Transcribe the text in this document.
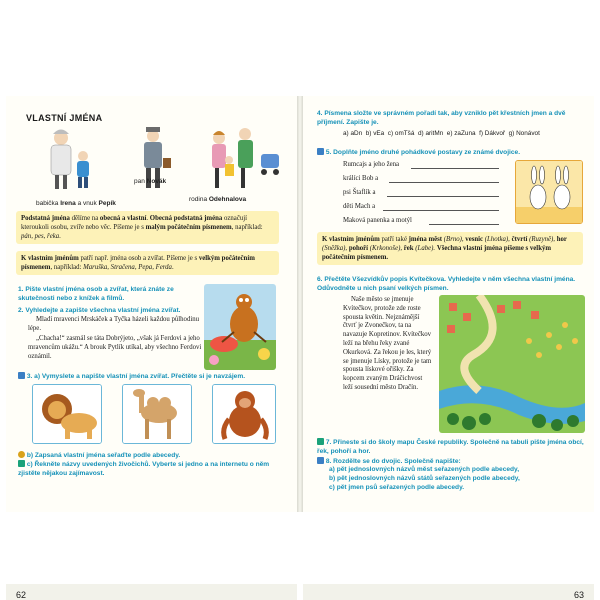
VLASTNÍ JMÉNA
babička Irena a vnuk Pepík
pan Novák
rodina Odehnalova
Podstatná jména dělíme na obecná a vlastní. Obecná podstatná jména označují kteroukoli osobu, zvíře nebo věc. Píšeme je s malým počátečním písmenem, například: pán, pes, řeka.
K vlastním jménům patří např. jména osob a zvířat. Píšeme je s velkým počátečním písmenem, například: Maruška, Stračena, Pepa, Ferda.
1. Pište vlastní jména osob a zvířat, která znáte ze skutečnosti nebo z knížek a filmů.
2. Vyhledejte a zapište všechna vlastní jména zvířat.
Mladí mravenci Mrskáček a Tyčka házeli každou půlhodinu lépe.
„Chacha!“ zasmál se táta Dobrýjeto, „však já Ferdovi a jeho mravencům ukážu.“ A brouk Pytlík utíkal, aby všechno Ferdovi oznámil.
3. a) Vymyslete a napište vlastní jména zvířat. Přečtěte si je navzájem.
b) Zapsaná vlastní jména seřaďte podle abecedy.
c) Řekněte názvy uvedených živočichů. Vyberte si jedno a na internetu o něm zjistěte nějakou zajímavost.
62
4. Písmena složte ve správném pořadí tak, aby vzniklo pět křestních jmen a dvě příjmení. Zapište je.
a) aDn b) vEa c) omTšá d) aritMn e) zaZuna f) Dákvoř g) Nonávot
5. Doplňte jméno druhé pohádkové postavy ze známé dvojice.
Rumcajs a jeho žena
králíci Bob a
psi Štaflík a
děti Mach a
Maková panenka a motýl
K vlastním jménům patří také jména měst (Brno), vesnic (Lhotka), čtvrtí (Ruzyně), hor (Sněžka), pohoří (Krkonoše), řek (Labe). Všechna vlastní jména píšeme s velkým počátečním písmenem.
6. Přečtěte Všezvídkův popis Kvítečkova. Vyhledejte v něm všechna vlastní jména. Odůvodněte u nich psaní velkých písmen.
Naše město se jmenuje Kvítečkov, protože zde roste spousta květin. Nejznámější čtvrť je Zvonečkov, ta na navazuje Kopretinov. Kvítečkov leží na břehu řeky zvané Okurková. Za řekou je les, který se jmenuje Lísky, protože je tam spousta lískové ořišky. Za kopcem zvaným Dráčichvost leží sousední město Dračín.
7. Přineste si do školy mapu České republiky. Společně na tabuli pište jména obcí, řek, pohoří a hor.
8. Rozdělte se do dvojic. Společně napište:
a) pět jednoslovných názvů měst seřazených podle abecedy,
b) pět jednoslovných názvů států seřazených podle abecedy,
c) pět jmen psů seřazených podle abecedy.
63
